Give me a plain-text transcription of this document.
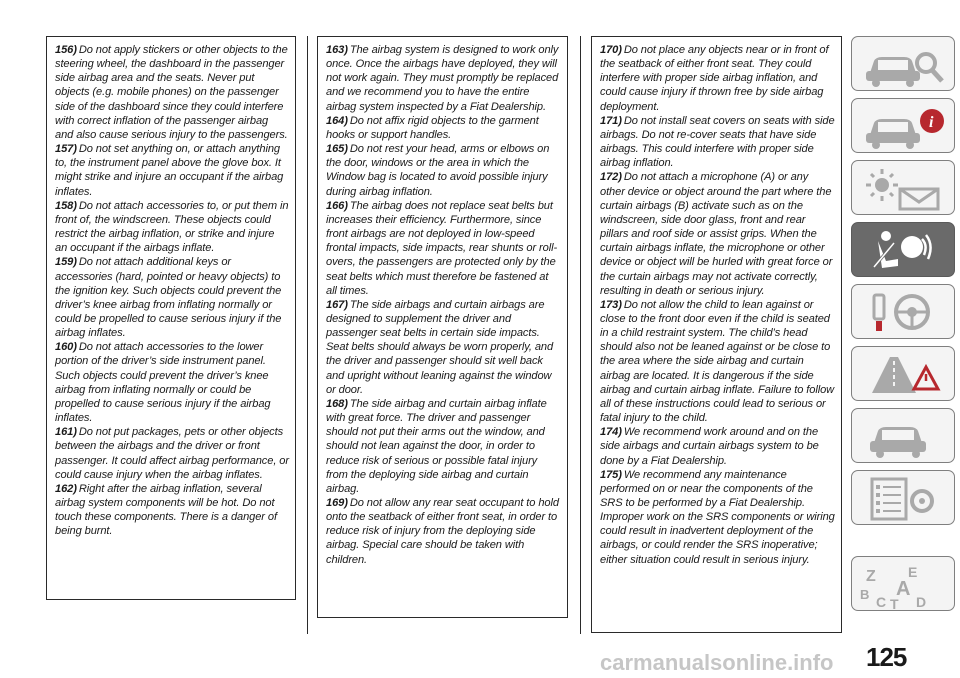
156) Do not apply stickers or other objects to the steering wheel, the dashboard in the passenger side airbag area and the seats. Never put objects (e.g. mobile phones) on the passenger side of the dashboard since they could interfere with correct inflation of the passenger airbag and also cause serious injury to the passengers.

157) Do not set anything on, or attach anything to, the instrument panel above the glove box. It might strike and injure an occupant if the airbag inflates.

158) Do not attach accessories to, or put them in front of, the windscreen. These objects could restrict the airbag inflation, or strike and injure an occupant if the airbags inflate.

159) Do not attach additional keys or accessories (hard, pointed or heavy objects) to the ignition key. Such objects could prevent the driver’s knee airbag from inflating normally or could be propelled to cause serious injury if the airbag inflates.

160) Do not attach accessories to the lower portion of the driver’s side instrument panel. Such objects could prevent the driver’s knee airbag from inflating normally or could be propelled to cause serious injury if the airbag inflates.

161) Do not put packages, pets or other objects between the airbags and the driver or front passenger. It could affect airbag performance, or could cause injury when the airbag inflates.

162) Right after the airbag inflation, several airbag system components will be hot. Do not touch these components. There is a danger of being burnt.

163) The airbag system is designed to work only once. Once the airbags have deployed, they will not work again. They must promptly be replaced and we recommend you to have the entire airbag system inspected by a Fiat Dealership.

164) Do not affix rigid objects to the garment hooks or support handles.

165) Do not rest your head, arms or elbows on the door, windows or the area in which the Window bag is located to avoid possible injury during airbag inflation.

166) The airbag does not replace seat belts but increases their efficiency. Furthermore, since front airbags are not deployed in low-speed frontal impacts, side impacts, rear shunts or roll-overs, the passengers are protected only by the seat belts which must therefore be fastened at all times.

167) The side airbags and curtain airbags are designed to supplement the driver and passenger seat belts in certain side impacts. Seat belts should always be worn properly, and the driver and passenger should sit well back and upright without leaning against the window or door.

168) The side airbag and curtain airbag inflate with great force. The driver and passenger should not put their arms out the window, and should not lean against the door, in order to reduce risk of serious or possible fatal injury from the deploying side airbag and curtain airbag.

169) Do not allow any rear seat occupant to hold onto the seatback of either front seat, in order to reduce risk of injury from the deploying side airbag. Special care should be taken with children.

170) Do not place any objects near or in front of the seatback of either front seat. They could interfere with proper side airbag inflation, and could cause injury if thrown free by side airbag deployment.

171) Do not install seat covers on seats with side airbags. Do not re-cover seats that have side airbags. This could interfere with proper side airbag inflation.

172) Do not attach a microphone (A) or any other device or object around the part where the curtain airbags (B) activate such as on the windscreen, side door glass, front and rear pillars and roof side or assist grips. When the curtain airbags inflate, the microphone or other device or object will be hurled with great force or the curtain airbags may not activate correctly, resulting in death or serious injury.

173) Do not allow the child to lean against or close to the front door even if the child is seated in a child restraint system. The child’s head should also not be leaned against or be close to the area where the side airbag and curtain airbag are located. It is dangerous if the side airbag and curtain airbag inflate. Failure to follow all of these instructions could lead to serious or fatal injury to the child.

174) We recommend work around and on the side airbags and curtain airbags system to be done by a Fiat Dealership.

175) We recommend any maintenance performed on or near the components of the SRS to be performed by a Fiat Dealership. Improper work on the SRS components or wiring could result in inadvertent deployment of the airbags, or could render the SRS inoperative; either situation could result in serious injury.

i
Z E
B A
C T D
carmanualsonline.info 125
